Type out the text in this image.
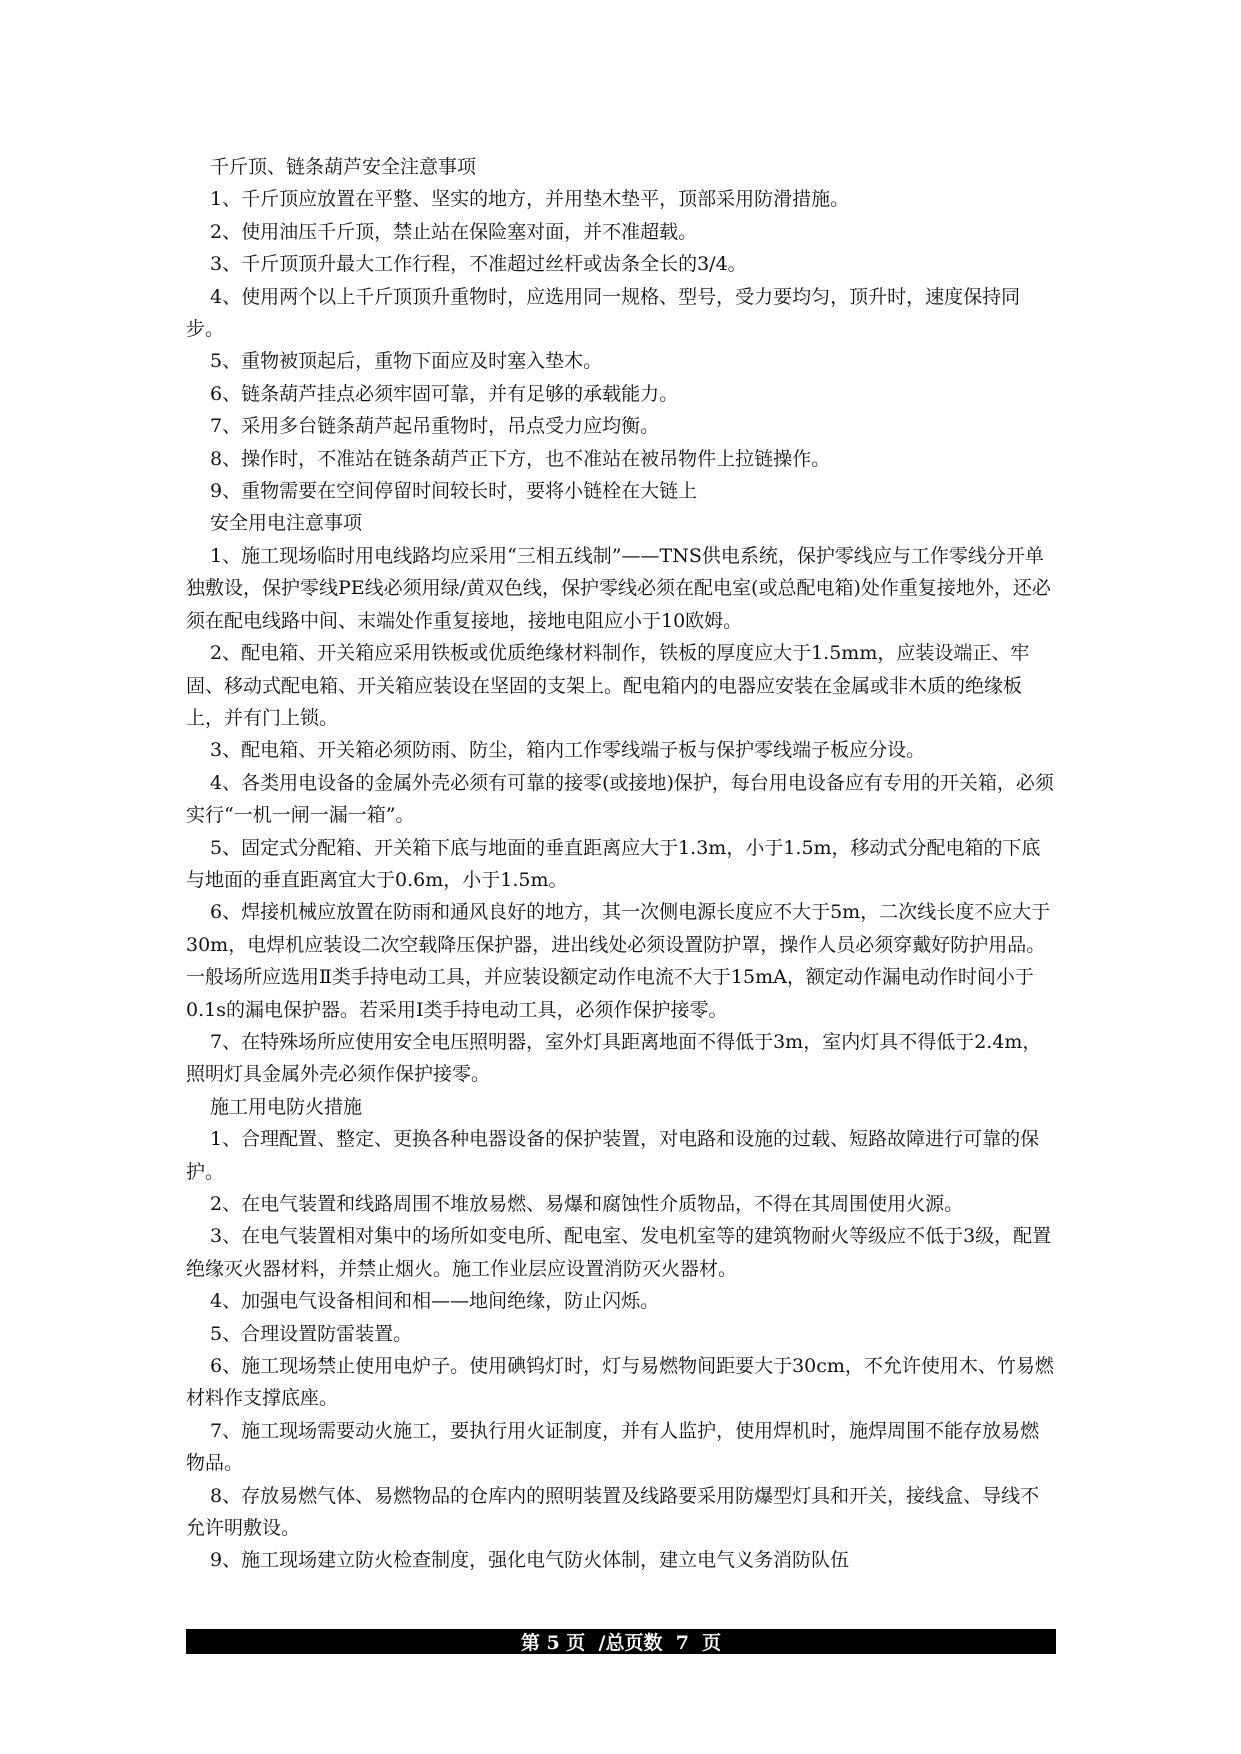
千斤顶、链条葫芦安全注意事项

1、千斤顶应放置在平整、坚实的地方，并用垫木垫平，顶部采用防滑措施。

2、使用油压千斤顶，禁止站在保险塞对面，并不准超载。

3、千斤顶顶升最大工作行程，不准超过丝杆或齿条全长的3/4。

4、使用两个以上千斤顶顶升重物时，应选用同一规格、型号，受力要均匀，顶升时，速度保持同步。

5、重物被顶起后，重物下面应及时塞入垫木。

6、链条葫芦挂点必须牢固可靠，并有足够的承载能力。

7、采用多台链条葫芦起吊重物时，吊点受力应均衡。

8、操作时，不准站在链条葫芦正下方，也不准站在被吊物件上拉链操作。

9、重物需要在空间停留时间较长时，要将小链栓在大链上

安全用电注意事项

1、施工现场临时用电线路均应采用“三相五线制”——TNS供电系统，保护零线应与工作零线分开单独敷设，保护零线PE线必须用绿/黄双色线，保护零线必须在配电室(或总配电箱)处作重复接地外，还必须在配电线路中间、末端处作重复接地，接地电阻应小于10欧姆。

2、配电箱、开关箱应采用铁板或优质绝缘材料制作，铁板的厚度应大于1.5mm，应装设端正、牢固、移动式配电箱、开关箱应装设在坚固的支架上。配电箱内的电器应安装在金属或非木质的绝缘板上，并有门上锁。

3、配电箱、开关箱必须防雨、防尘，箱内工作零线端子板与保护零线端子板应分设。

4、各类用电设备的金属外壳必须有可靠的接零(或接地)保护，每台用电设备应有专用的开关箱，必须实行“一机一闸一漏一箱”。

5、固定式分配箱、开关箱下底与地面的垂直距离应大于1.3m，小于1.5m，移动式分配电箱的下底与地面的垂直距离宜大于0.6m，小于1.5m。

6、焊接机械应放置在防雨和通风良好的地方，其一次侧电源长度应不大于5m，二次线长度不应大于30m，电焊机应装设二次空载降压保护器，进出线处必须设置防护罩，操作人员必须穿戴好防护用品。一般场所应选用Ⅱ类手持电动工具，并应装设额定动作电流不大于15mA，额定动作漏电动作时间小于0.1s的漏电保护器。若采用Ⅰ类手持电动工具，必须作保护接零。

7、在特殊场所应使用安全电压照明器，室外灯具距离地面不得低于3m，室内灯具不得低于2.4m，照明灯具金属外壳必须作保护接零。

施工用电防火措施

1、合理配置、整定、更换各种电器设备的保护装置，对电路和设施的过载、短路故障进行可靠的保护。

2、在电气装置和线路周围不堆放易燃、易爆和腐蚀性介质物品，不得在其周围使用火源。

3、在电气装置相对集中的场所如变电所、配电室、发电机室等的建筑物耐火等级应不低于3级，配置绝缘灭火器材料，并禁止烟火。施工作业层应设置消防灭火器材。

4、加强电气设备相间和相——地间绝缘，防止闪烁。

5、合理设置防雷装置。

6、施工现场禁止使用电炉子。使用碘钨灯时，灯与易燃物间距要大于30cm，不允许使用木、竹易燃材料作支撑底座。

7、施工现场需要动火施工，要执行用火证制度，并有人监护，使用焊机时，施焊周围不能存放易燃物品。

8、存放易燃气体、易燃物品的仓库内的照明装置及线路要采用防爆型灯具和开关，接线盒、导线不允许明敷设。

9、施工现场建立防火检查制度，强化电气防火体制，建立电气义务消防队伍

第 5 页  /总页数  7  页
